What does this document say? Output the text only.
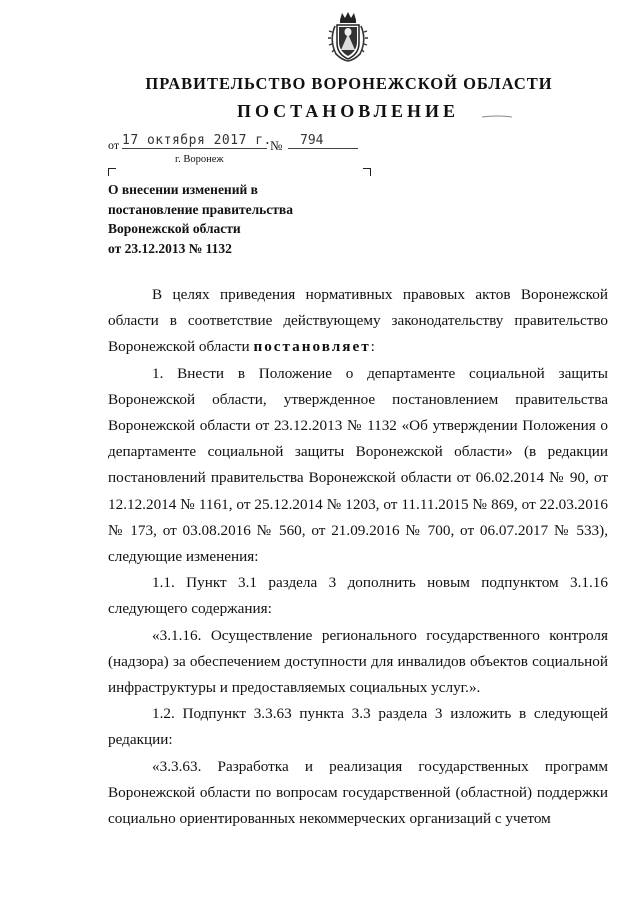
ПРАВИТЕЛЬСТВО ВОРОНЕЖСКОЙ ОБЛАСТИ
ПОСТАНОВЛЕНИЕ
от 17 октября 2017 г.
№	794
г. Воронеж
О внесении изменений в
постановление правительства
Воронежской области
от 23.12.2013 № 1132

В целях приведения нормативных правовых актов Воронежской области в соответствие действующему законодательству правительство Воронежской области постановляет:

1. Внести в Положение о департаменте социальной защиты Воронежской области, утвержденное постановлением правительства Воронежской области от 23.12.2013 № 1132 «Об утверждении Положения о департаменте социальной защиты Воронежской области» (в редакции постановлений правительства Воронежской области от 06.02.2014 № 90, от 12.12.2014 № 1161, от 25.12.2014 № 1203, от 11.11.2015 № 869, от 22.03.2016 № 173, от 03.08.2016 № 560, от 21.09.2016 № 700, от 06.07.2017 № 533), следующие изменения:

1.1. Пункт 3.1 раздела 3 дополнить новым подпунктом 3.1.16 следующего содержания:

«3.1.16. Осуществление регионального государственного контроля (надзора) за обеспечением доступности для инвалидов объектов социальной инфраструктуры и предоставляемых социальных услуг.».

1.2. Подпункт 3.3.63 пункта 3.3 раздела 3 изложить в следующей редакции:

«3.3.63. Разработка и реализация государственных программ Воронежской области по вопросам государственной (областной) поддержки социально ориентированных некоммерческих организаций с учетом
